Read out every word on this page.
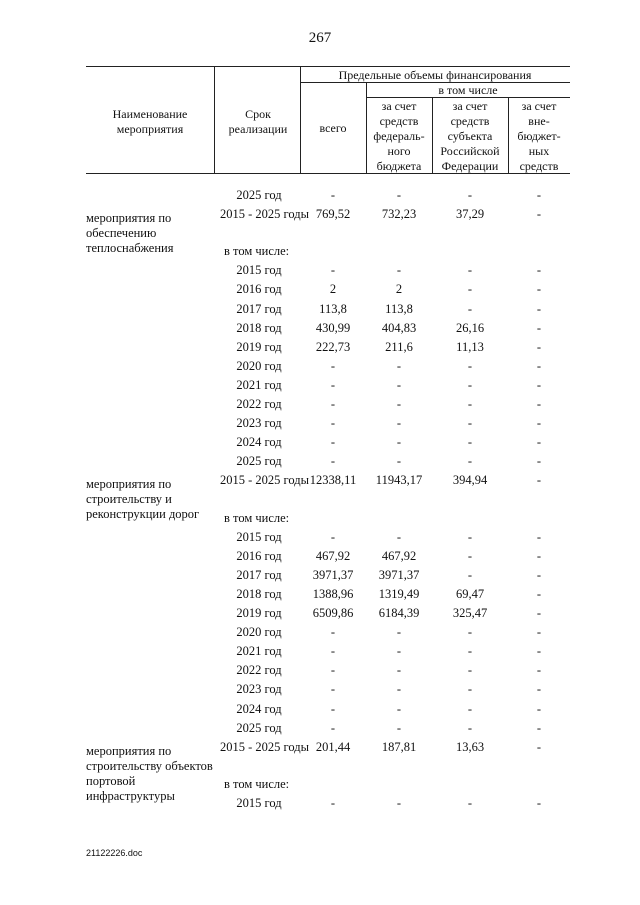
267
Наименование мероприятия
Срок реализации
Предельные объемы финансирования
в том числе
всего
за счет средств федераль-ного бюджета
за счет средств субъекта Российской Федерации
за счет вне-бюджет-ных средств
2025 год	-	-	-	-
мероприятия по обеспечению теплоснабжения
2015 - 2025 годы 769,52	732,23	37,29	-
в том числе:
2015 год	-	-	-	-
2016 год	2	2	-	-
2017 год	113,8	113,8	-	-
2018 год	430,99	404,83	26,16	-
2019 год	222,73	211,6	11,13	-
2020 год	-	-	-	-
2021 год	-	-	-	-
2022 год	-	-	-	-
2023 год	-	-	-	-
2024 год	-	-	-	-
2025 год	-	-	-	-
мероприятия по строительству и реконструкции дорог
2015 - 2025 годы 12338,11	11943,17	394,94	-
в том числе:
2015 год	-	-	-	-
2016 год	467,92	467,92	-	-
2017 год	3971,37	3971,37	-	-
2018 год	1388,96	1319,49	69,47	-
2019 год	6509,86	6184,39	325,47	-
2020 год	-	-	-	-
2021 год	-	-	-	-
2022 год	-	-	-	-
2023 год	-	-	-	-
2024 год	-	-	-	-
2025 год	-	-	-	-
мероприятия по строительству объектов портовой инфраструктуры
2015 - 2025 годы 201,44	187,81	13,63	-
в том числе:
2015 год	-	-	-	-
21122226.doc
